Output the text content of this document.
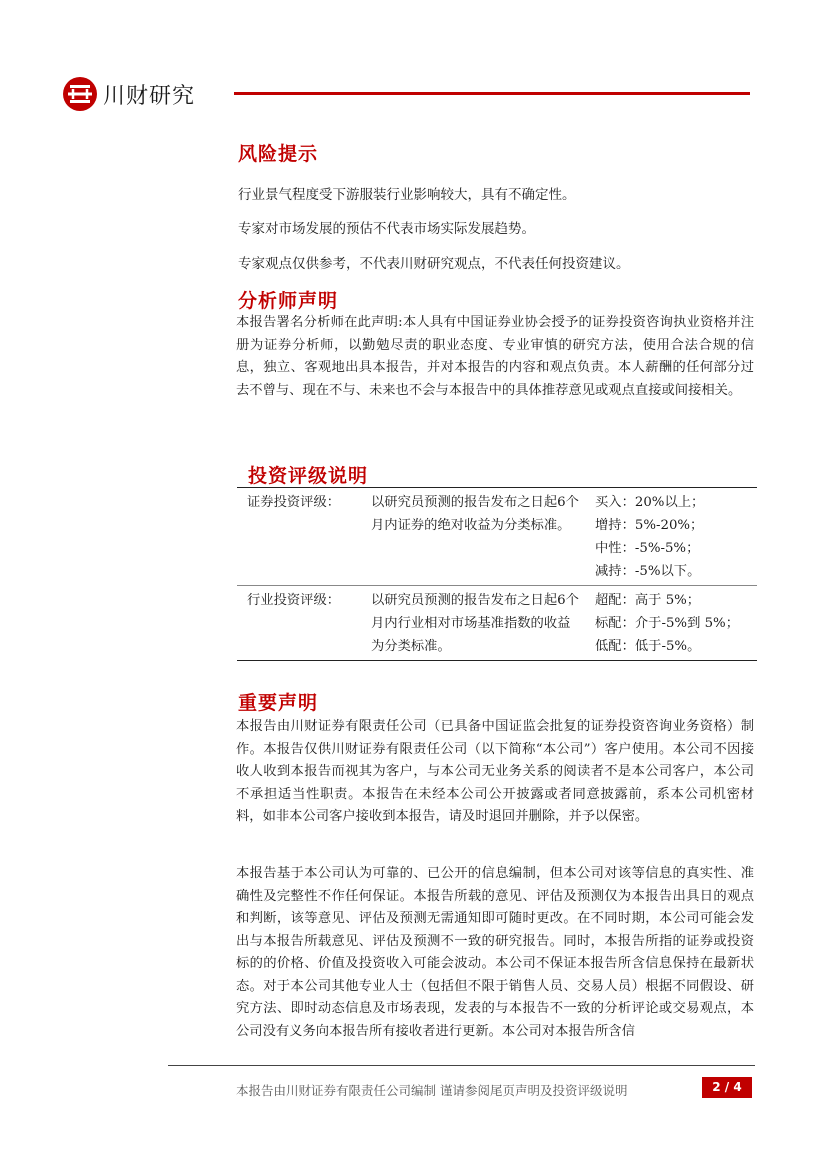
川财研究
风险提示
行业景气程度受下游服装行业影响较大，具有不确定性。
专家对市场发展的预估不代表市场实际发展趋势。
专家观点仅供参考，不代表川财研究观点，不代表任何投资建议。
分析师声明
本报告署名分析师在此声明:本人具有中国证券业协会授予的证券投资咨询执业资格并注册为证券分析师，以勤勉尽责的职业态度、专业审慎的研究方法，使用合法合规的信息，独立、客观地出具本报告，并对本报告的内容和观点负责。本人薪酬的任何部分过去不曾与、现在不与、未来也不会与本报告中的具体推荐意见或观点直接或间接相关。
投资评级说明
证券投资评级：	以研究员预测的报告发布之日起6个月内证券的绝对收益为分类标准。	买入：20%以上；
增持：5%-20%；
中性：-5%-5%；
减持：-5%以下。

行业投资评级：	以研究员预测的报告发布之日起6个月内行业相对市场基准指数的收益为分类标准。	超配：高于 5%；
标配：介于-5%到 5%；
低配：低于-5%。
重要声明
本报告由川财证券有限责任公司（已具备中国证监会批复的证券投资咨询业务资格）制作。本报告仅供川财证券有限责任公司（以下简称“本公司”）客户使用。本公司不因接收人收到本报告而视其为客户，与本公司无业务关系的阅读者不是本公司客户，本公司不承担适当性职责。本报告在未经本公司公开披露或者同意披露前，系本公司机密材料，如非本公司客户接收到本报告，请及时退回并删除，并予以保密。
本报告基于本公司认为可靠的、已公开的信息编制，但本公司对该等信息的真实性、准确性及完整性不作任何保证。本报告所载的意见、评估及预测仅为本报告出具日的观点和判断，该等意见、评估及预测无需通知即可随时更改。在不同时期，本公司可能会发出与本报告所载意见、评估及预测不一致的研究报告。同时，本报告所指的证券或投资标的的价格、价值及投资收入可能会波动。本公司不保证本报告所含信息保持在最新状态。对于本公司其他专业人士（包括但不限于销售人员、交易人员）根据不同假设、研究方法、即时动态信息及市场表现，发表的与本报告不一致的分析评论或交易观点，本公司没有义务向本报告所有接收者进行更新。本公司对本报告所含信
本报告由川财证券有限责任公司编制 谨请参阅尾页声明及投资评级说明	2 / 4
